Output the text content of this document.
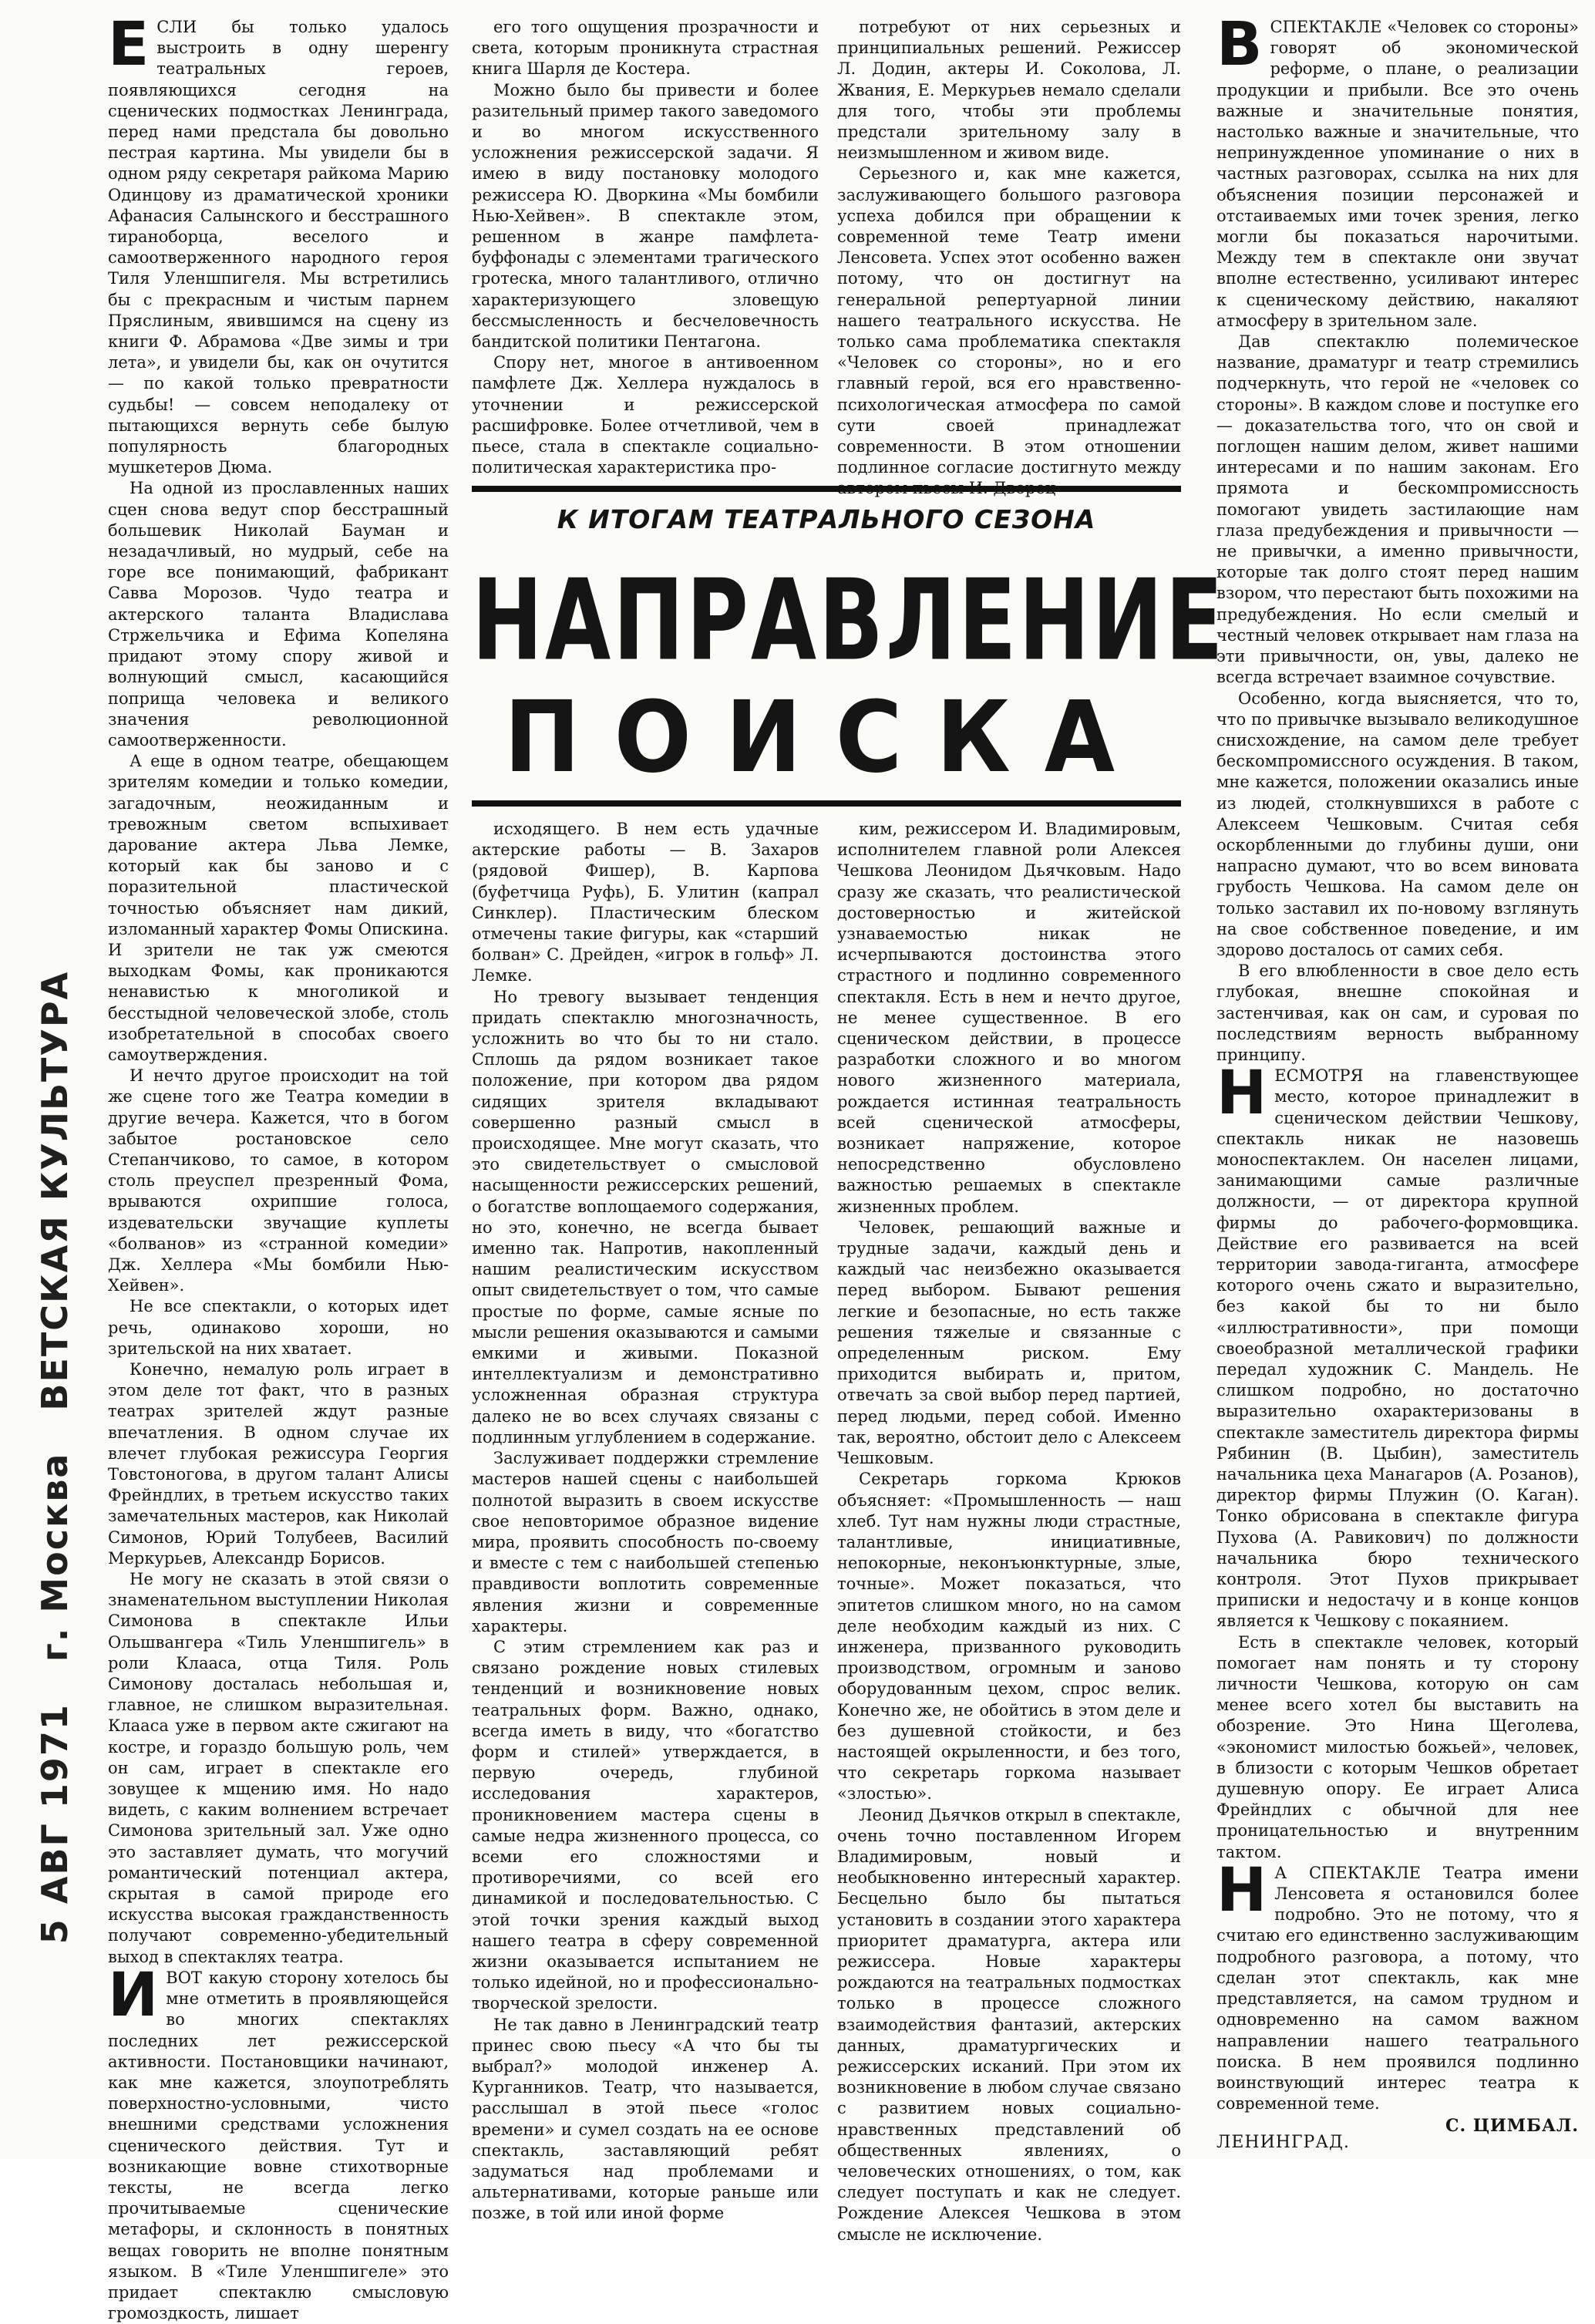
5 АВГ 1971 г. Москва ВЕТСКАЯ КУЛЬТУРА

ЕСЛИ бы только удалось выстроить в одну шеренгу театральных героев, появляющихся сегодня на сценических подмостках Ленинграда, перед нами предстала бы довольно пестрая картина. Мы увидели бы в одном ряду секретаря райкома Марию Одинцову из драматической хроники Афанасия Салынского и бесстрашного тираноборца, веселого и самоотверженного народного героя Тиля Уленшпигеля. Мы встретились бы с прекрасным и чистым парнем Пряслиным, явившимся на сцену из книги Ф. Абрамова «Две зимы и три лета», и увидели бы, как он очутится — по какой только превратности судьбы! — совсем неподалеку от пытающихся вернуть себе былую популярность благородных мушкетеров Дюма.

На одной из прославленных наших сцен снова ведут спор бесстрашный большевик Николай Бауман и незадачливый, но мудрый, себе на горе все понимающий, фабрикант Савва Морозов. Чудо театра и актерского таланта Владислава Стржельчика и Ефима Копеляна придают этому спору живой и волнующий смысл, касающийся поприща человека и великого значения революционной самоотверженности.

А еще в одном театре, обещающем зрителям комедии и только комедии, загадочным, неожиданным и тревожным светом вспыхивает дарование актера Льва Лемке, который как бы заново и с поразительной пластической точностью объясняет нам дикий, изломанный характер Фомы Опискина. И зрители не так уж смеются выходкам Фомы, как проникаются ненавистью к многоликой и бесстыдной человеческой злобе, столь изобретательной в способах своего самоутверждения.

И нечто другое происходит на той же сцене того же Театра комедии в другие вечера. Кажется, что в богом забытое ростановское село Степанчиково, то самое, в котором столь преуспел презренный Фома, врываются охрипшие голоса, издевательски звучащие куплеты «болванов» из «странной комедии» Дж. Хеллера «Мы бомбили Нью-Хейвен».

Не все спектакли, о которых идет речь, одинаково хороши, но зрительской на них хватает.

Конечно, немалую роль играет в этом деле тот факт, что в разных театрах зрителей ждут разные впечатления. В одном случае их влечет глубокая режиссура Георгия Товстоногова, в другом талант Алисы Фрейндлих, в третьем искусство таких замечательных мастеров, как Николай Симонов, Юрий Толубеев, Василий Меркурьев, Александр Борисов.

Не могу не сказать в этой связи о знаменательном выступлении Николая Симонова в спектакле Ильи Ольшвангера «Тиль Уленшпигель» в роли Клааса, отца Тиля. Роль Симонову досталась небольшая и, главное, не слишком выразительная. Клааса уже в первом акте сжигают на костре, и гораздо большую роль, чем он сам, играет в спектакле его зовущее к мщению имя. Но надо видеть, с каким волнением встречает Симонова зрительный зал. Уже одно это заставляет думать, что могучий романтический потенциал актера, скрытая в самой природе его искусства высокая гражданственность получают современно-убедительный выход в спектаклях театра.

ИВОТ какую сторону хотелось бы мне отметить в проявляющейся во многих спектаклях последних лет режиссерской активности. Постановщики начинают, как мне кажется, злоупотреблять поверхностно-условными, чисто внешними средствами усложнения сценического действия. Тут и возникающие вовне стихотворные тексты, не всегда легко прочитываемые сценические метафоры, и склонность в понятных вещах говорить не вполне понятным языком. В «Тиле Уленшпигеле» это придает спектаклю смысловую громоздкость, лишает

его того ощущения прозрачности и света, которым проникнута страстная книга Шарля де Костера.

Можно было бы привести и более разительный пример такого заведомого и во многом искусственного усложнения режиссерской задачи. Я имею в виду постановку молодого режиссера Ю. Дворкина «Мы бомбили Нью-Хейвен». В спектакле этом, решенном в жанре памфлета-буффонады с элементами трагического гротеска, много талантливого, отлично характеризующего зловещую бессмысленность и бесчеловечность бандитской политики Пентагона.

Спору нет, многое в антивоенном памфлете Дж. Хеллера нуждалось в уточнении и режиссерской расшифровке. Более отчетливой, чем в пьесе, стала в спектакле социально-политическая характеристика про-

потребуют от них серьезных и принципиальных решений. Режиссер Л. Додин, актеры И. Соколова, Л. Жвания, Е. Меркурьев немало сделали для того, чтобы эти проблемы предстали зрительному залу в неизмышленном и живом виде.

Серьезного и, как мне кажется, заслуживающего большого разговора успеха добился при обращении к современной теме Театр имени Ленсовета. Успех этот особенно важен потому, что он достигнут на генеральной репертуарной линии нашего театрального искусства. Не только сама проблематика спектакля «Человек со стороны», но и его главный герой, вся его нравственно-психологическая атмосфера по самой сути своей принадлежат современности. В этом отношении подлинное согласие достигнуто между

К ИТОГАМ ТЕАТРАЛЬНОГО СЕЗОНА
НАПРАВЛЕНИЕ
ПОИСКА

исходящего. В нем есть удачные актерские работы — В. Захаров (рядовой Фишер), В. Карпова (буфетчица Руфь), Б. Улитин (капрал Синклер). Пластическим блеском отмечены такие фигуры, как «старший болван» С. Дрейден, «игрок в гольф» Л. Лемке.

Но тревогу вызывает тенденция придать спектаклю многозначность, усложнить во что бы то ни стало. Сплошь да рядом возникает такое положение, при котором два рядом сидящих зрителя вкладывают совершенно разный смысл в происходящее. Мне могут сказать, что это свидетельствует о смысловой насыщенности режиссерских решений, о богатстве воплощаемого содержания, но это, конечно, не всегда бывает именно так. Напротив, накопленный нашим реалистическим искусством опыт свидетельствует о том, что самые простые по форме, самые ясные по мысли решения оказываются и самыми емкими и живыми. Показной интеллектуализм и демонстративно усложненная образная структура далеко не во всех случаях связаны с подлинным углублением в содержание.

Заслуживает поддержки стремление мастеров нашей сцены с наибольшей полнотой выразить в своем искусстве свое неповторимое образное видение мира, проявить способность по-своему и вместе с тем с наибольшей степенью правдивости воплотить современные явления жизни и современные характеры.

С этим стремлением как раз и связано рождение новых стилевых тенденций и возникновение новых театральных форм. Важно, однако, всегда иметь в виду, что «богатство форм и стилей» утверждается, в первую очередь, глубиной исследования характеров, проникновением мастера сцены в самые недра жизненного процесса, со всеми его сложностями и противоречиями, со всей его динамикой и последовательностью. С этой точки зрения каждый выход нашего театра в сферу современной жизни оказывается испытанием не только идейной, но и профессионально-творческой зрелости.

Не так давно в Ленинградский театр принес свою пьесу «А что бы ты выбрал?» молодой инженер А. Курганников. Театр, что называется, расслышал в этой пьесе «голос времени» и сумел создать на ее основе спектакль, заставляющий ребят задуматься над проблемами и альтернативами, которые раньше или позже, в той или иной форме

ким, режиссером И. Владимировым, исполнителем главной роли Алексея Чешкова Леонидом Дьячковым. Надо сразу же сказать, что реалистической достоверностью и житейской узнаваемостью никак не исчерпываются достоинства этого страстного и подлинно современного спектакля. Есть в нем и нечто другое, не менее существенное. В его сценическом действии, в процессе разработки сложного и во многом нового жизненного материала, рождается истинная театральность всей сценической атмосферы, возникает напряжение, которое непосредственно обусловлено важностью решаемых в спектакле жизненных проблем.

Человек, решающий важные и трудные задачи, каждый день и каждый час неизбежно оказывается перед выбором. Бывают решения легкие и безопасные, но есть также решения тяжелые и связанные с определенным риском. Ему приходится выбирать и, притом, отвечать за свой выбор перед партией, перед людьми, перед собой. Именно так, вероятно, обстоит дело с Алексеем Чешковым.

Секретарь горкома Крюков объясняет: «Промышленность — наш хлеб. Тут нам нужны люди страстные, талантливые, инициативные, непокорные, неконъюнктурные, злые, точные». Может показаться, что эпитетов слишком много, но на самом деле необходим каждый из них. С инженера, призванного руководить производством, огромным и заново оборудованным цехом, спрос велик. Конечно же, не обойтись в этом деле и без душевной стойкости, и без настоящей окрыленности, и без того, что секретарь горкома называет «злостью».

Леонид Дьячков открыл в спектакле, очень точно поставленном Игорем Владимировым, новый и необыкновенно интересный характер. Бесцельно было бы пытаться установить в создании этого характера приоритет драматурга, актера или режиссера. Новые характеры рождаются на театральных подмостках только в процессе сложного взаимодействия фантазий, актерских данных, драматургических и режиссерских исканий. При этом их возникновение в любом случае связано с развитием новых социально-нравственных представлений об общественных явлениях, о человеческих отношениях, о том, как следует поступать и как не следует. Рождение Алексея Чешкова в этом смысле не исключение.

ВСПЕКТАКЛЕ «Человек со стороны» говорят об экономической реформе, о плане, о реализации продукции и прибыли. Все это очень важные и значительные понятия, настолько важные и значительные, что непринужденное упоминание о них в частных разговорах, ссылка на них для объяснения позиции персонажей и отстаиваемых ими точек зрения, легко могли бы показаться нарочитыми. Между тем в спектакле они звучат вполне естественно, усиливают интерес к сценическому действию, накаляют атмосферу в зрительном зале.

Дав спектаклю полемическое название, драматург и театр стремились подчеркнуть, что герой не «человек со стороны». В каждом слове и поступке его — доказательства того, что он свой и поглощен нашим делом, живет нашими интересами и по нашим законам. Его прямота и бескомпромиссность помогают увидеть застилающие нам глаза предубеждения и привычности — не привычки, а именно привычности, которые так долго стоят перед нашим взором, что перестают быть похожими на предубеждения. Но если смелый и честный человек открывает нам глаза на эти привычности, он, увы, далеко не всегда встречает взаимное сочувствие.

Особенно, когда выясняется, что то, что по привычке вызывало великодушное снисхождение, на самом деле требует бескомпромиссного осуждения. В таком, мне кажется, положении оказались иные из людей, столкнувшихся в работе с Алексеем Чешковым. Считая себя оскорбленными до глубины души, они напрасно думают, что во всем виновата грубость Чешкова. На самом деле он только заставил их по-новому взглянуть на свое собственное поведение, и им здорово досталось от самих себя.

В его влюбленности в свое дело есть глубокая, внешне спокойная и застенчивая, как он сам, и суровая по последствиям верность выбранному принципу.

НЕСМОТРЯ на главенствующее место, которое принадлежит в сценическом действии Чешкову, спектакль никак не назовешь моноспектаклем. Он населен лицами, занимающими самые различные должности, — от директора крупной фирмы до рабочего-формовщика. Действие его развивается на всей территории завода-гиганта, атмосфере которого очень сжато и выразительно, без какой бы то ни было «иллюстративности», при помощи своеобразной металлической графики передал художник С. Мандель. Не слишком подробно, но достаточно выразительно охарактеризованы в спектакле заместитель директора фирмы Рябинин (В. Цыбин), заместитель начальника цеха Манагаров (А. Розанов), директор фирмы Плужин (О. Каган). Тонко обрисована в спектакле фигура Пухова (А. Равикович) по должности начальника бюро технического контроля. Этот Пухов прикрывает приписки и недостачу и в конце концов является к Чешкову с покаянием.

Есть в спектакле человек, который помогает нам понять и ту сторону личности Чешкова, которую он сам менее всего хотел бы выставить на обозрение. Это Нина Щеголева, «экономист милостью божьей», человек, в близости с которым Чешков обретает душевную опору. Ее играет Алиса Фрейндлих с обычной для нее проницательностью и внутренним тактом.

Н А СПЕКТАКЛЕ Театра имени Ленсовета я остановился более подробно. Это не потому, что я считаю его единственно заслуживающим подробного разговора, а потому, что сделан этот спектакль, как мне представляется, на самом трудном и одновременно на самом важном направлении нашего театрального поиска. В нем проявился подлинно воинствующий интерес театра к современной теме.

С. ЦИМБАЛ.
ЛЕНИНГРАД.
